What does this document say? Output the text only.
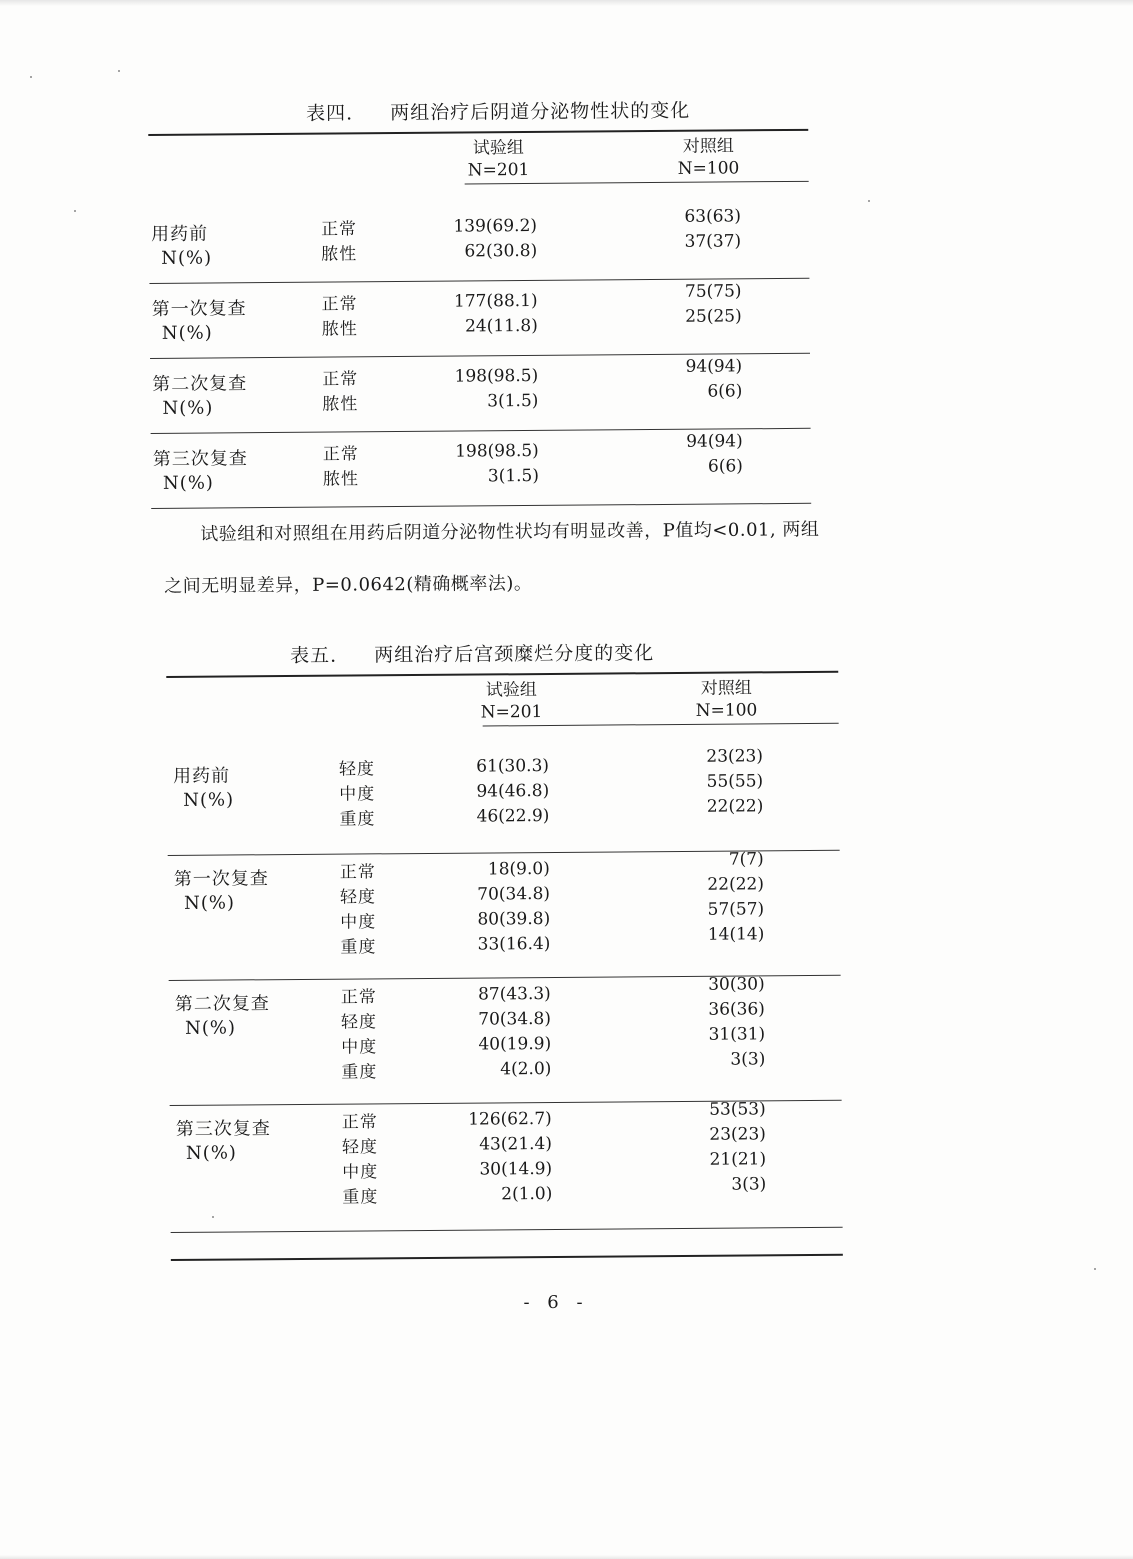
表四. 两组治疗后阴道分泌物性状的变化
试验组
N=201
对照组
N=100
用药前
N(%)
正常
脓性
139(69.2)
62(30.8)
63(63)
37(37)
第一次复查
N(%)
正常
脓性
177(88.1)
24(11.8)
75(75)
25(25)
第二次复查
N(%)
正常
脓性
198(98.5)
3(1.5)
94(94)
6(6)
第三次复查
N(%)
正常
脓性
198(98.5)
3(1.5)
94(94)
6(6)
试验组和对照组在用药后阴道分泌物性状均有明显改善，P值均<0.01, 两组
之间无明显差异，P=0.0642(精确概率法)。
表五. 两组治疗后宫颈糜烂分度的变化
试验组
N=201
对照组
N=100
用药前
N(%)
轻度
中度
重度
61(30.3)
94(46.8)
46(22.9)
23(23)
55(55)
22(22)
第一次复查
N(%)
正常
轻度
中度
重度
18(9.0)
70(34.8)
80(39.8)
33(16.4)
7(7)
22(22)
57(57)
14(14)
第二次复查
N(%)
正常
轻度
中度
重度
87(43.3)
70(34.8)
40(19.9)
4(2.0)
30(30)
36(36)
31(31)
3(3)
第三次复查
N(%)
正常
轻度
中度
重度
126(62.7)
43(21.4)
30(14.9)
2(1.0)
53(53)
23(23)
21(21)
3(3)
- 6 -
